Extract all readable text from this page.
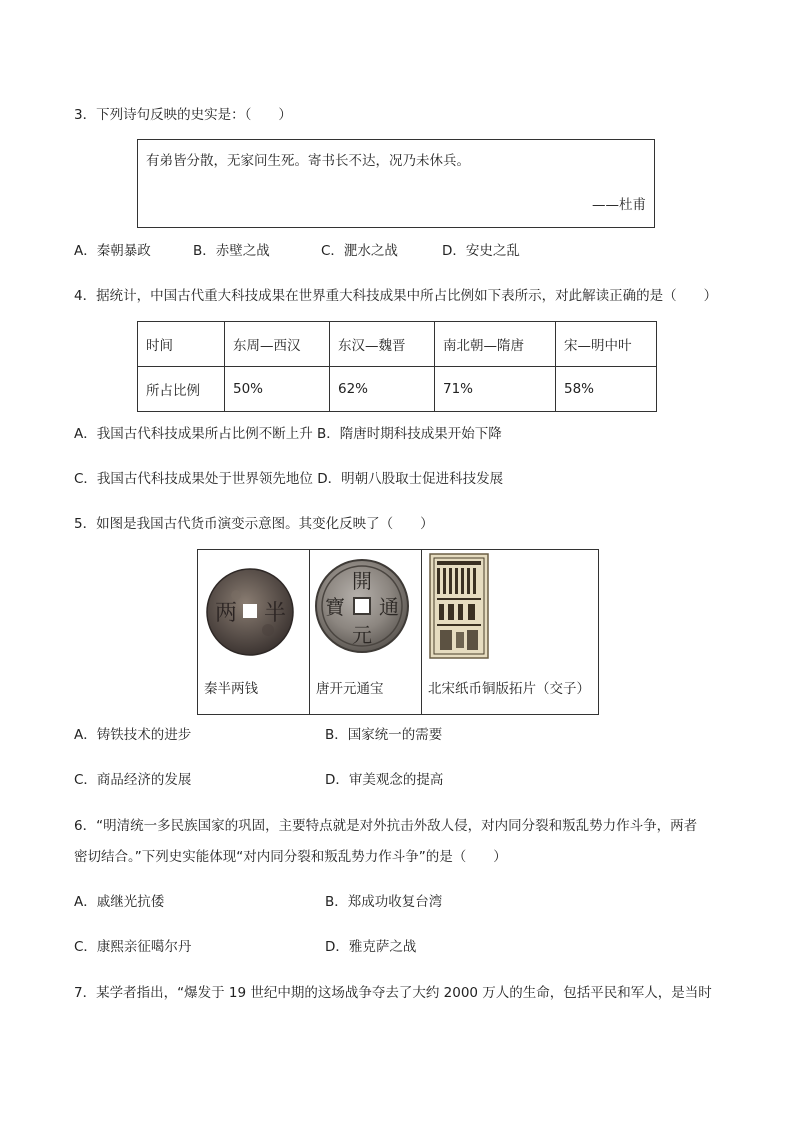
3．下列诗句反映的史实是：（　　）
有弟皆分散，无家问生死。寄书长不达，况乃未休兵。
——杜甫
A．秦朝暴政	B．赤壁之战	C．淝水之战	D．安史之乱
4．据统计，中国古代重大科技成果在世界重大科技成果中所占比例如下表所示，对此解读正确的是（　　）
时间	东周—西汉	东汉—魏晋	南北朝—隋唐	宋—明中叶
所占比例	50%	62%	71%	58%
A．我国古代科技成果所占比例不断上升 B．隋唐时期科技成果开始下降
C．我国古代科技成果处于世界领先地位 D．明朝八股取士促进科技发展
5．如图是我国古代货币演变示意图。其变化反映了（　　）
半
两
秦半两钱
開
元
通
寶
唐开元通宝	北宋纸币铜版拓片（交子）
A．铸铁技术的进步	B．国家统一的需要
C．商品经济的发展	D．审美观念的提高
6．“明清统一多民族国家的巩固，主要特点就是对外抗击外敌人侵，对内同分裂和叛乱势力作斗争，两者
密切结合。”下列史实能体现“对内同分裂和叛乱势力作斗争”的是（　　）
A．戚继光抗倭	B．郑成功收复台湾
C．康熙亲征噶尔丹	D．雅克萨之战
7．某学者指出，“爆发于 19 世纪中期的这场战争夺去了大约 2000 万人的生命，包括平民和军人，是当时
